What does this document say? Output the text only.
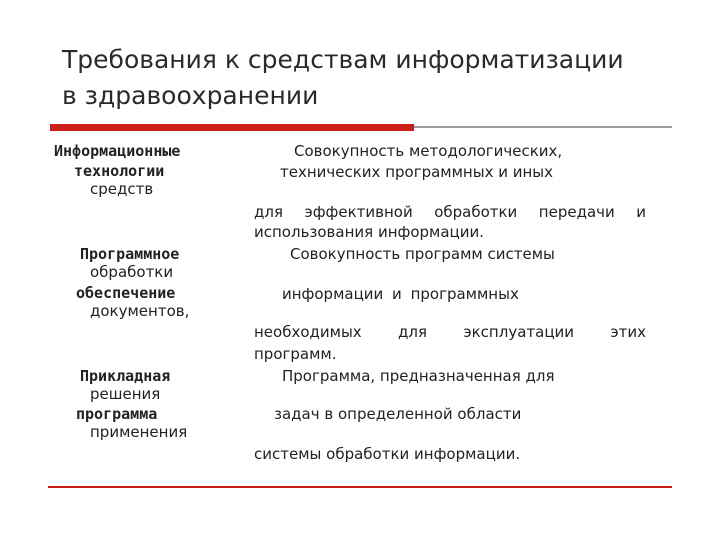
Требования к средствам информатизации
в здравоохранении
Информационные
технологии
средств
Программное
обработки
обеспечение
документов,
Прикладная
решения
программа
применения
Совокупность методологических,
технических программных и иных
для эффективной обработки передачи и
использования информации.
Совокупность программ системы
информации и программных
необходимых для эксплуатации этих
программ.
Программа, предназначенная для
задач в определенной области
системы обработки информации.
